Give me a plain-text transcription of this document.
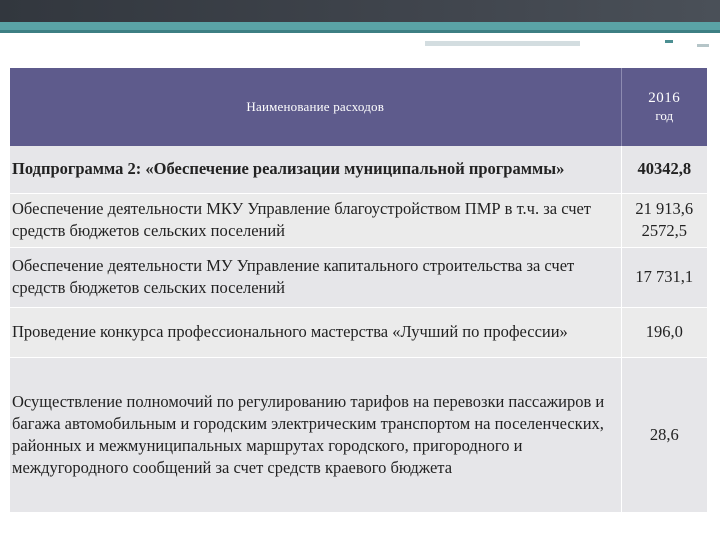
Наименование расходов	2016
год

Подпрограмма 2: «Обеспечение реализации муниципальной программы»	40342,8
Обеспечение деятельности МКУ Управление благоустройством ПМР в т.ч. за счет средств бюджетов сельских поселений	21 913,6
2572,5

Обеспечение деятельности МУ Управление капитального строительства за счет средств бюджетов сельских поселений	17 731,1
Проведение конкурса профессионального мастерства «Лучший по профессии»	196,0
Осуществление полномочий по регулированию тарифов на перевозки пассажиров и багажа автомобильным и городским электрическим транспортом на поселенческих, районных и межмуниципальных маршрутах городского, пригородного и междугородного сообщений за счет средств краевого бюджета	28,6
